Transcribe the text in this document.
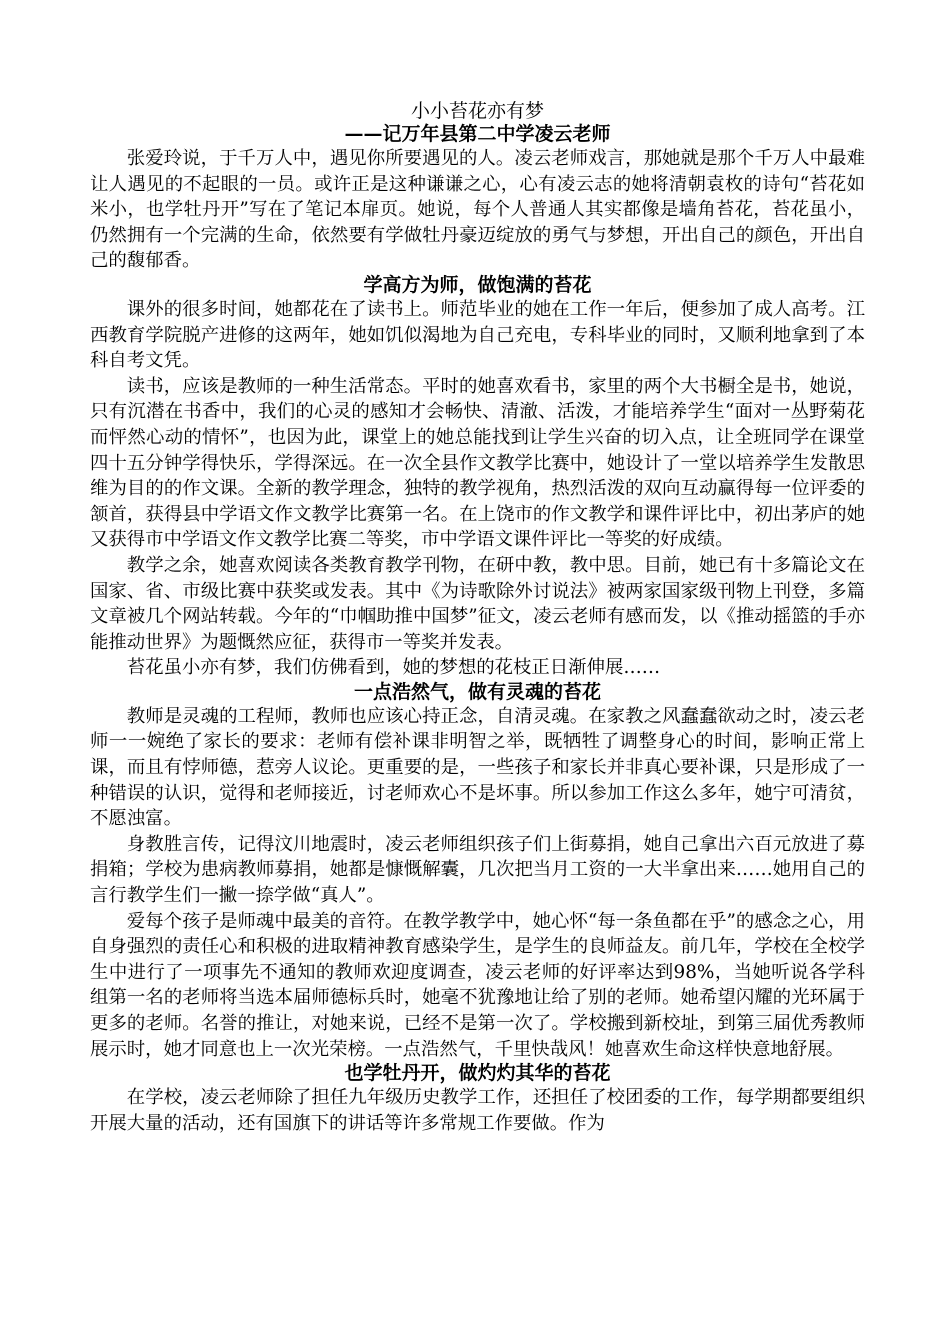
小小苔花亦有梦
——记万年县第二中学凌云老师

张爱玲说，于千万人中，遇见你所要遇见的人。凌云老师戏言，那她就是那个千万人中最难让人遇见的不起眼的一员。或许正是这种谦谦之心，心有凌云志的她将清朝袁枚的诗句“苔花如米小，也学牡丹开”写在了笔记本扉页。她说，每个人普通人其实都像是墙角苔花，苔花虽小，仍然拥有一个完满的生命，依然要有学做牡丹豪迈绽放的勇气与梦想，开出自己的颜色，开出自己的馥郁香。

学高方为师，做饱满的苔花

课外的很多时间，她都花在了读书上。师范毕业的她在工作一年后，便参加了成人高考。江西教育学院脱产进修的这两年，她如饥似渴地为自己充电，专科毕业的同时，又顺利地拿到了本科自考文凭。

读书，应该是教师的一种生活常态。平时的她喜欢看书，家里的两个大书橱全是书，她说，只有沉潜在书香中，我们的心灵的感知才会畅快、清澈、活泼，才能培养学生“面对一丛野菊花而怦然心动的情怀”，也因为此，课堂上的她总能找到让学生兴奋的切入点，让全班同学在课堂四十五分钟学得快乐，学得深远。在一次全县作文教学比赛中，她设计了一堂以培养学生发散思维为目的的作文课。全新的教学理念，独特的教学视角，热烈活泼的双向互动赢得每一位评委的颔首，获得县中学语文作文教学比赛第一名。在上饶市的作文教学和课件评比中，初出茅庐的她又获得市中学语文作文教学比赛二等奖，市中学语文课件评比一等奖的好成绩。

教学之余，她喜欢阅读各类教育教学刊物，在研中教，教中思。目前，她已有十多篇论文在国家、省、市级比赛中获奖或发表。其中《为诗歌除外讨说法》被两家国家级刊物上刊登，多篇文章被几个网站转载。今年的“巾帼助推中国梦”征文，凌云老师有感而发，以《推动摇篮的手亦能推动世界》为题慨然应征，获得市一等奖并发表。

苔花虽小亦有梦，我们仿佛看到，她的梦想的花枝正日渐伸展……

一点浩然气，做有灵魂的苔花

教师是灵魂的工程师，教师也应该心持正念，自清灵魂。在家教之风蠢蠢欲动之时，凌云老师一一婉绝了家长的要求：老师有偿补课非明智之举，既牺牲了调整身心的时间，影响正常上课，而且有悖师德，惹旁人议论。更重要的是，一些孩子和家长并非真心要补课，只是形成了一种错误的认识，觉得和老师接近，讨老师欢心不是坏事。所以参加工作这么多年，她宁可清贫，不愿浊富。

身教胜言传，记得汶川地震时，凌云老师组织孩子们上街募捐，她自己拿出六百元放进了募捐箱；学校为患病教师募捐，她都是慷慨解囊，几次把当月工资的一大半拿出来……她用自己的言行教学生们一撇一捺学做“真人”。

爱每个孩子是师魂中最美的音符。在教学教学中，她心怀“每一条鱼都在乎”的感念之心，用自身强烈的责任心和积极的进取精神教育感染学生，是学生的良师益友。前几年，学校在全校学生中进行了一项事先不通知的教师欢迎度调查，凌云老师的好评率达到98%，当她听说各学科组第一名的老师将当选本届师德标兵时，她毫不犹豫地让给了别的老师。她希望闪耀的光环属于更多的老师。名誉的推让，对她来说，已经不是第一次了。学校搬到新校址，到第三届优秀教师展示时，她才同意也上一次光荣榜。一点浩然气，千里快哉风！她喜欢生命这样快意地舒展。

也学牡丹开，做灼灼其华的苔花

在学校，凌云老师除了担任九年级历史教学工作，还担任了校团委的工作，每学期都要组织开展大量的活动，还有国旗下的讲话等许多常规工作要做。作为
